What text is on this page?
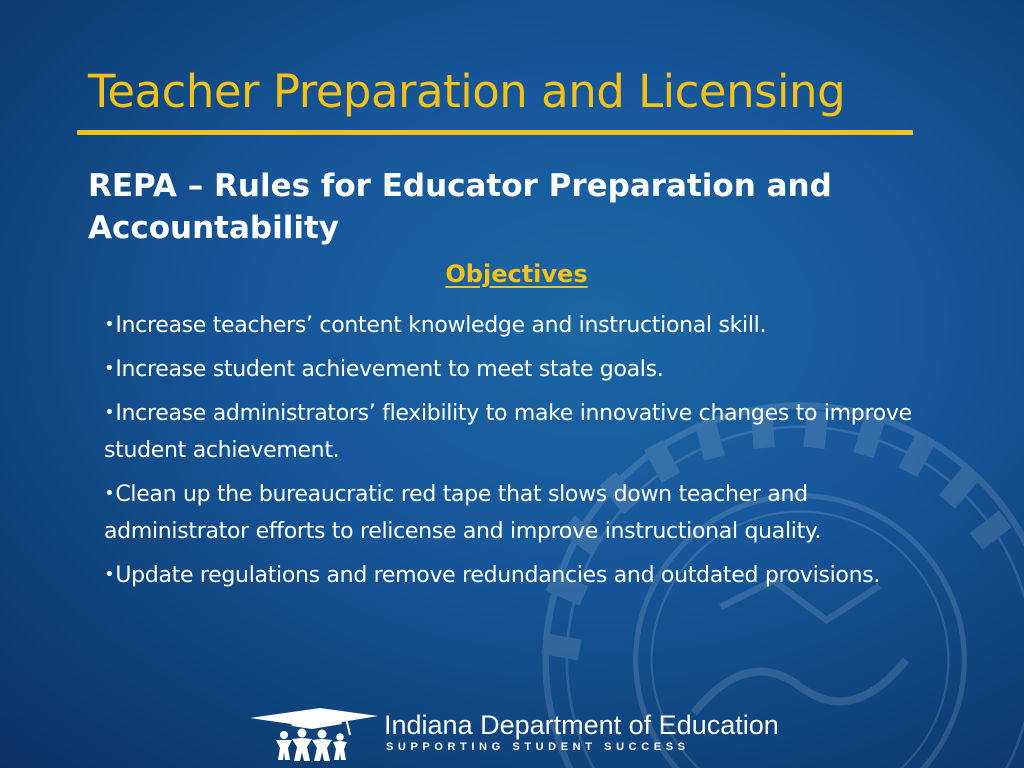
Teacher Preparation and Licensing
REPA – Rules for Educator Preparation and Accountability
Objectives
•Increase teachers’ content knowledge and instructional skill.
•Increase student achievement to meet state goals.
•Increase administrators’ flexibility to make innovative changes to improve student achievement.
•Clean up the bureaucratic red tape that slows down teacher and administrator efforts to relicense and improve instructional quality.
•Update regulations and remove redundancies and outdated provisions.
Indiana Department of Education
SUPPORTING STUDENT SUCCESS
